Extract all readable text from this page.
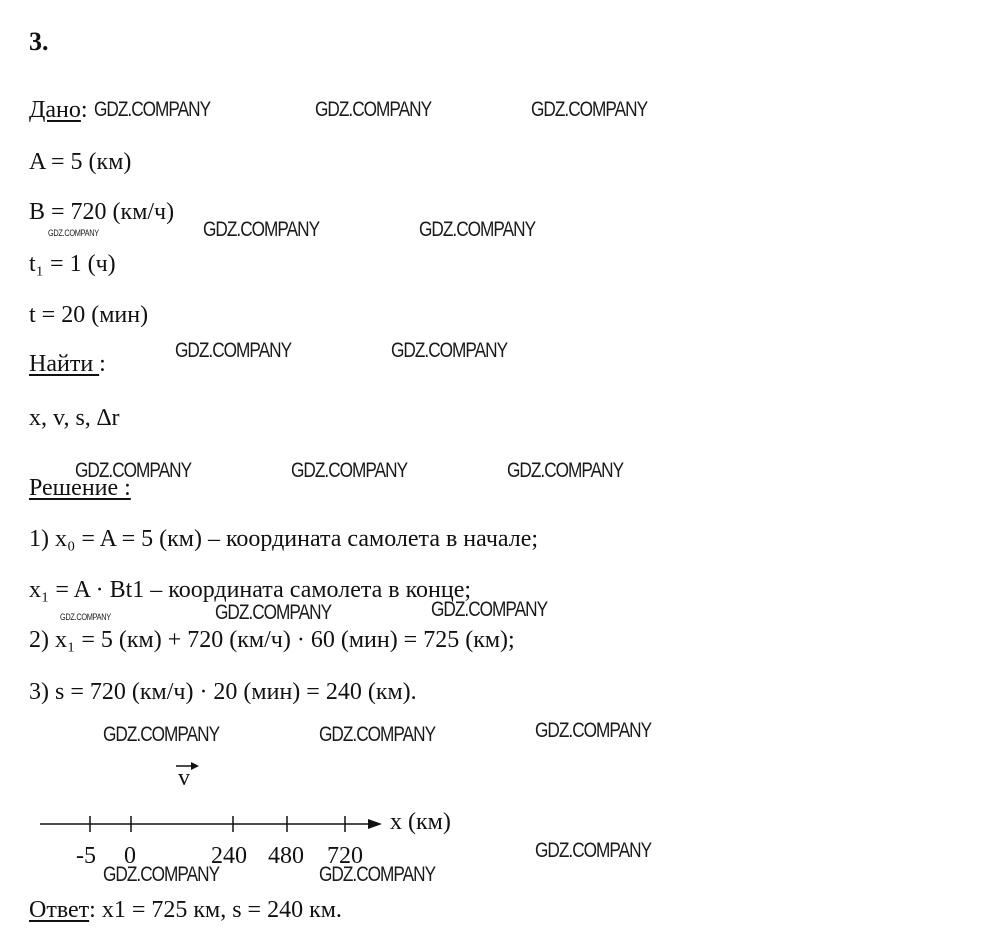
3.
Дано:
A = 5 (км)
B = 720 (км/ч)
t₁ = 1 (ч)
t = 20 (мин)
Найти :
x, v, s, ∆r
Решение :
1) x₀ = A = 5 (км) – координата самолета в начале;
x₁ = A · Bt1 – координата самолета в конце;
2) x₁ = 5 (км) + 720 (км/ч) · 60 (мин) = 725 (км);
3) s = 720 (км/ч) · 20 (мин) = 240 (км).
v
x (км)
-5 0	240 480 720
Ответ: x1 = 725 км, s = 240 км.
GDZ.COMPANY	GDZ.COMPANY	GDZ.COMPANY
GDZ.COMPANY	GDZ.COMPANY	GDZ.COMPANY
GDZ.COMPANY	GDZ.COMPANY
GDZ.COMPANY	GDZ.COMPANY	GDZ.COMPANY
GDZ.COMPANY	GDZ.COMPANY	GDZ.COMPANY
GDZ.COMPANY	GDZ.COMPANY	GDZ.COMPANY
GDZ.COMPANY
GDZ.COMPANY	GDZ.COMPANY
